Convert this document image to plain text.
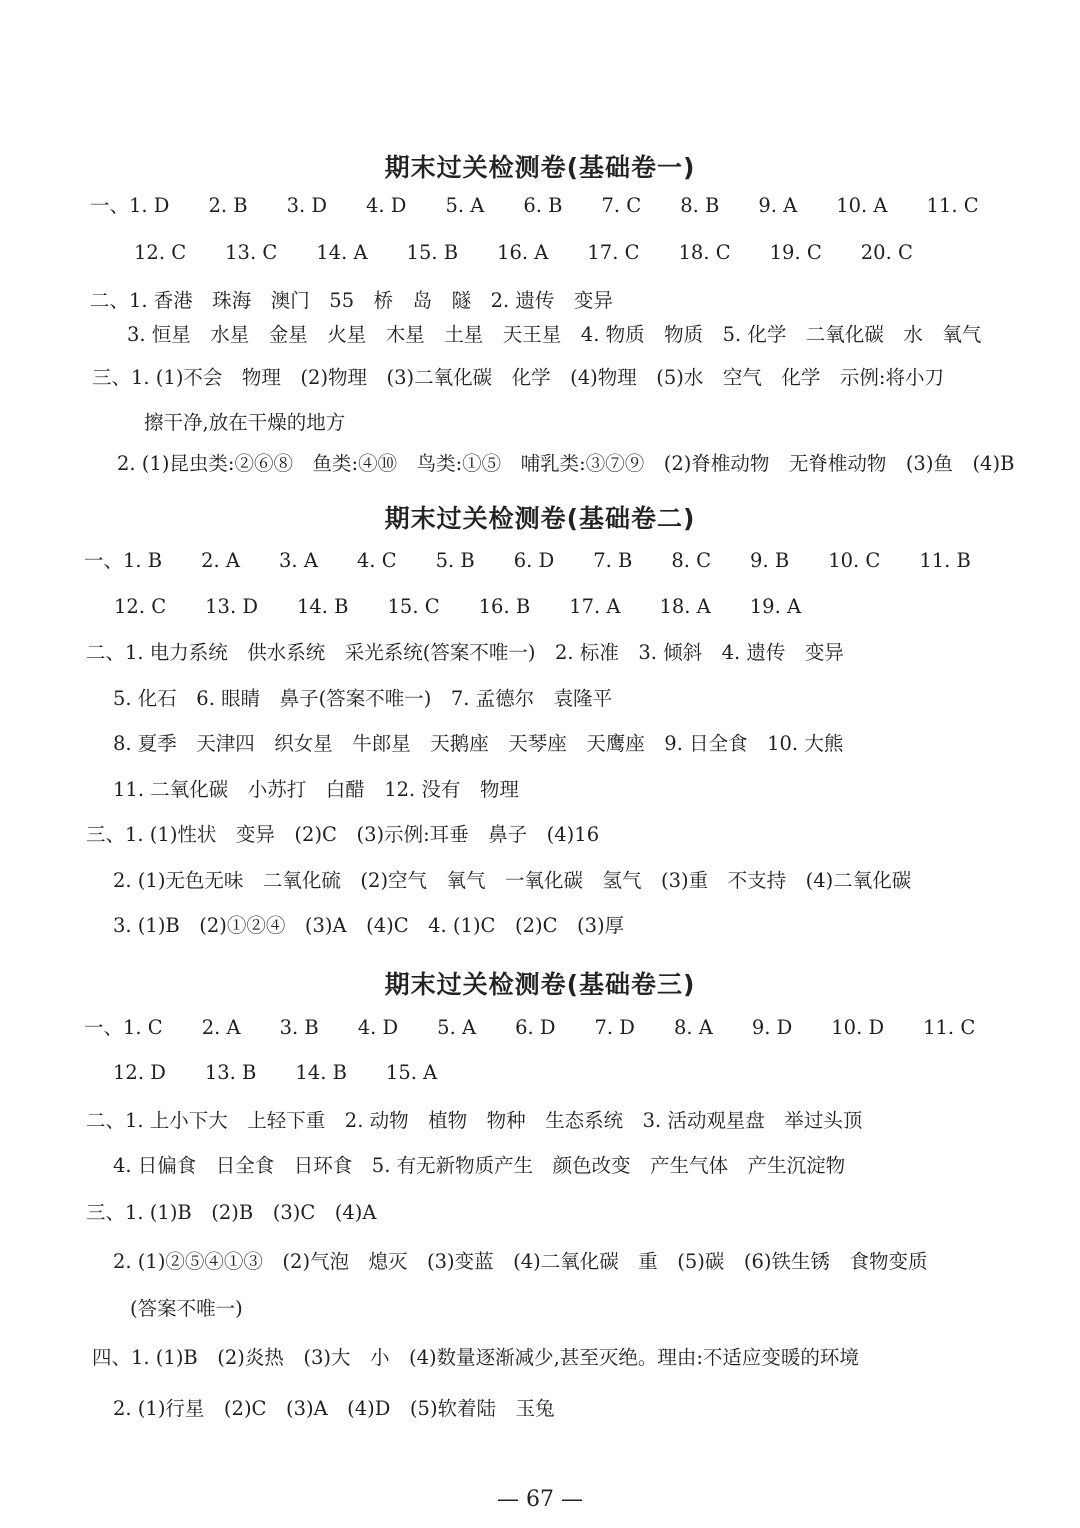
期末过关检测卷(基础卷一)
一、1. D　　2. B　　3. D　　4. D　　5. A　　6. B　　7. C　　8. B　　9. A　　10. A　　11. C
12. C　　13. C　　14. A　　15. B　　16. A　　17. C　　18. C　　19. C　　20. C
二、1. 香港　珠海　澳门　55　桥　岛　隧　2. 遗传　变异
3. 恒星　水星　金星　火星　木星　土星　天王星　4. 物质　物质　5. 化学　二氧化碳　水　氧气
三、1. (1)不会　物理　(2)物理　(3)二氧化碳　化学　(4)物理　(5)水　空气　化学　示例:将小刀
擦干净,放在干燥的地方
2. (1)昆虫类:②⑥⑧　鱼类:④⑩　鸟类:①⑤　哺乳类:③⑦⑨　(2)脊椎动物　无脊椎动物　(3)鱼　(4)B
期末过关检测卷(基础卷二)
一、1. B　　2. A　　3. A　　4. C　　5. B　　6. D　　7. B　　8. C　　9. B　　10. C　　11. B
12. C　　13. D　　14. B　　15. C　　16. B　　17. A　　18. A　　19. A
二、1. 电力系统　供水系统　采光系统(答案不唯一)　2. 标准　3. 倾斜　4. 遗传　变异
5. 化石　6. 眼睛　鼻子(答案不唯一)　7. 孟德尔　袁隆平
8. 夏季　天津四　织女星　牛郎星　天鹅座　天琴座　天鹰座　9. 日全食　10. 大熊
11. 二氧化碳　小苏打　白醋　12. 没有　物理
三、1. (1)性状　变异　(2)C　(3)示例:耳垂　鼻子　(4)16
2. (1)无色无味　二氧化硫　(2)空气　氧气　一氧化碳　氢气　(3)重　不支持　(4)二氧化碳
3. (1)B　(2)①②④　(3)A　(4)C　4. (1)C　(2)C　(3)厚
期末过关检测卷(基础卷三)
一、1. C　　2. A　　3. B　　4. D　　5. A　　6. D　　7. D　　8. A　　9. D　　10. D　　11. C
12. D　　13. B　　14. B　　15. A
二、1. 上小下大　上轻下重　2. 动物　植物　物种　生态系统　3. 活动观星盘　举过头顶
4. 日偏食　日全食　日环食　5. 有无新物质产生　颜色改变　产生气体　产生沉淀物
三、1. (1)B　(2)B　(3)C　(4)A
2. (1)②⑤④①③　(2)气泡　熄灭　(3)变蓝　(4)二氧化碳　重　(5)碳　(6)铁生锈　食物变质
(答案不唯一)
四、1. (1)B　(2)炎热　(3)大　小　(4)数量逐渐减少,甚至灭绝。理由:不适应变暖的环境
2. (1)行星　(2)C　(3)A　(4)D　(5)软着陆　玉兔
— 67 —
